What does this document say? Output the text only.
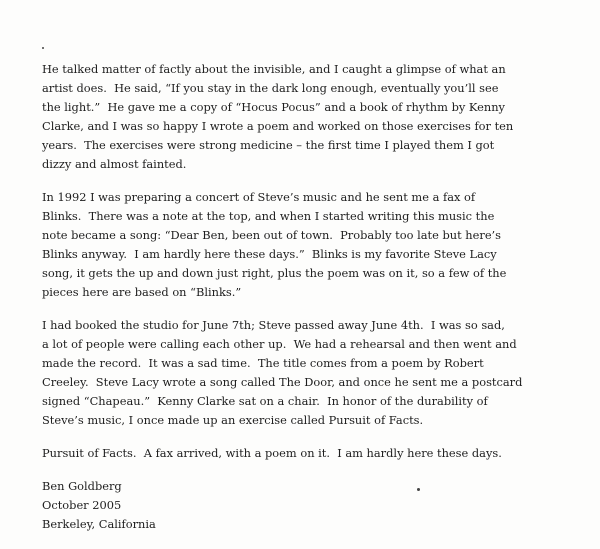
He talked matter of factly about the invisible, and I caught a glimpse of what an
artist does.  He said, “If you stay in the dark long enough, eventually you’ll see
the light.”  He gave me a copy of “Hocus Pocus” and a book of rhythm by Kenny
Clarke, and I was so happy I wrote a poem and worked on those exercises for ten
years.  The exercises were strong medicine – the first time I played them I got
dizzy and almost fainted.

In 1992 I was preparing a concert of Steve’s music and he sent me a fax of
Blinks.  There was a note at the top, and when I started writing this music the
note became a song: “Dear Ben, been out of town.  Probably too late but here’s
Blinks anyway.  I am hardly here these days.”  Blinks is my favorite Steve Lacy
song, it gets the up and down just right, plus the poem was on it, so a few of the
pieces here are based on “Blinks.”

I had booked the studio for June 7th; Steve passed away June 4th.  I was so sad,
a lot of people were calling each other up.  We had a rehearsal and then went and
made the record.  It was a sad time.  The title comes from a poem by Robert
Creeley.  Steve Lacy wrote a song called The Door, and once he sent me a postcard
signed “Chapeau.”  Kenny Clarke sat on a chair.  In honor of the durability of
Steve’s music, I once made up an exercise called Pursuit of Facts.

Pursuit of Facts.  A fax arrived, with a poem on it.  I am hardly here these days.

Ben Goldberg

October 2005

Berkeley, California
